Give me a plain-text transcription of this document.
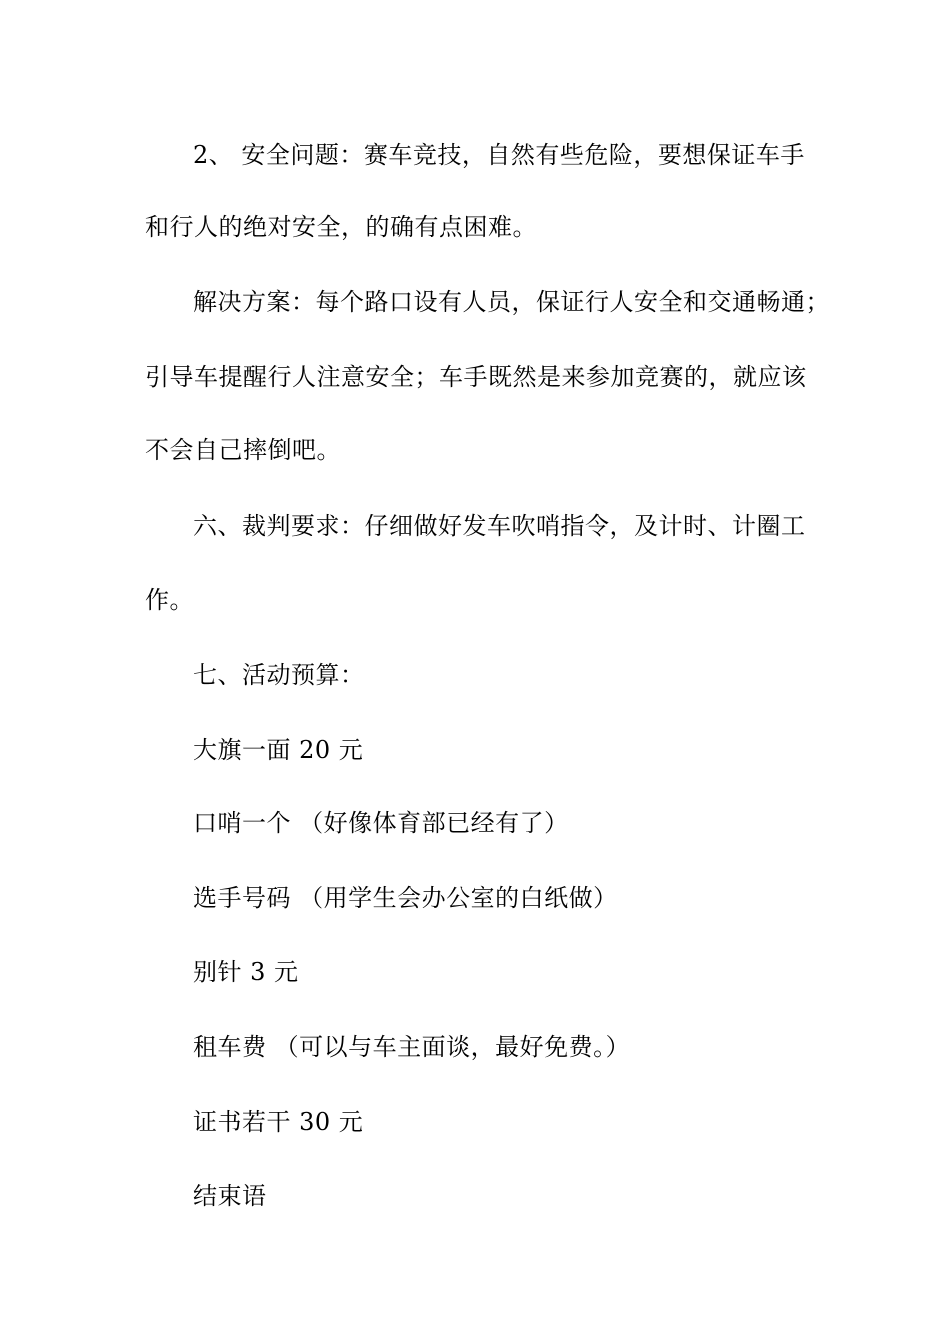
2、 安全问题：赛车竞技，自然有些危险，要想保证车手
和行人的绝对安全，的确有点困难。
解决方案：每个路口设有人员，保证行人安全和交通畅通；
引导车提醒行人注意安全；车手既然是来参加竞赛的，就应该
不会自己摔倒吧。
六、裁判要求：仔细做好发车吹哨指令，及计时、计圈工
作。
七、活动预算：
大旗一面 20 元
口哨一个 （好像体育部已经有了）
选手号码 （用学生会办公室的白纸做）
别针 3 元
租车费 （可以与车主面谈，最好免费。）
证书若干 30 元
结束语
